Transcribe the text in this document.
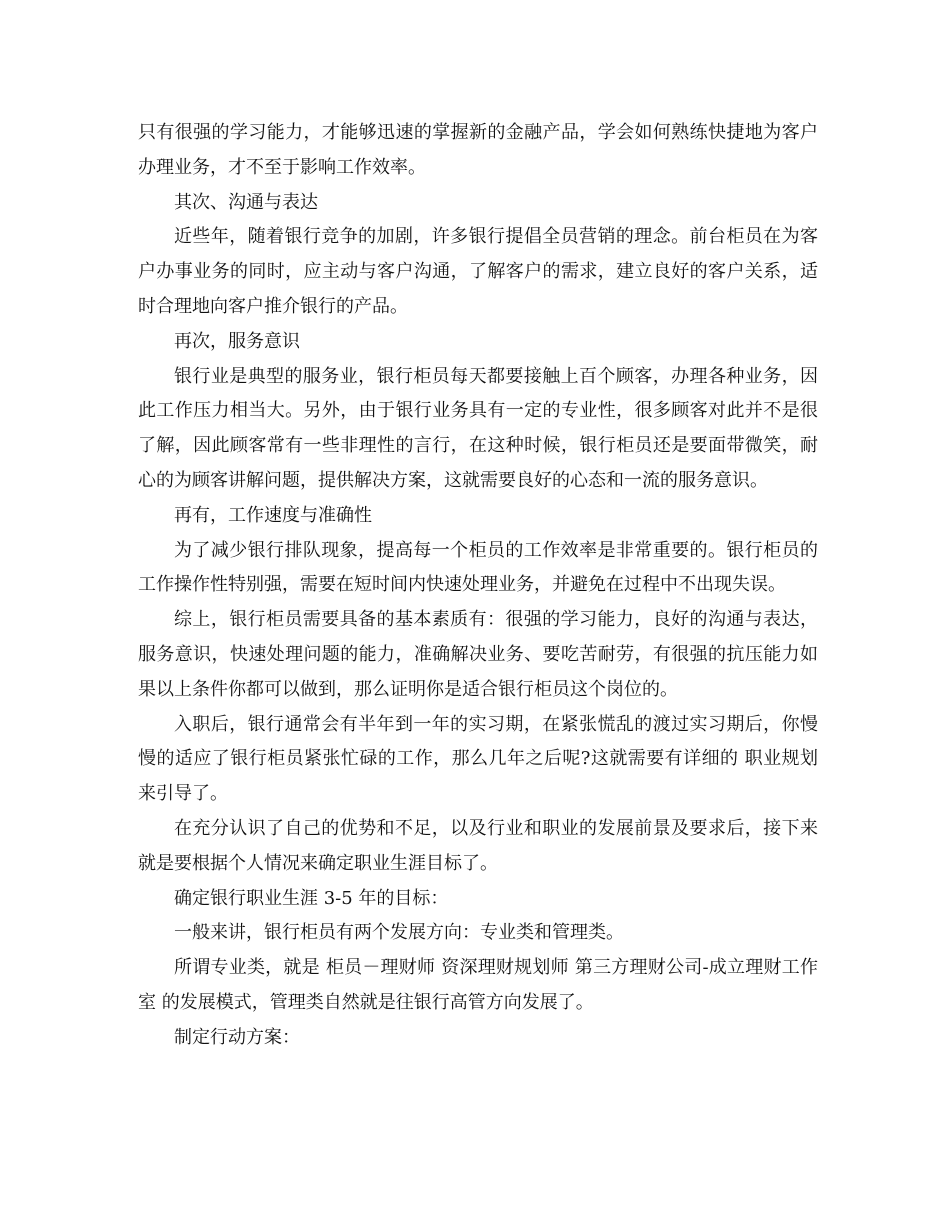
只有很强的学习能力，才能够迅速的掌握新的金融产品，学会如何熟练快捷地为客户办理业务，才不至于影响工作效率。

其次、沟通与表达

近些年，随着银行竞争的加剧，许多银行提倡全员营销的理念。前台柜员在为客户办事业务的同时，应主动与客户沟通，了解客户的需求，建立良好的客户关系，适时合理地向客户推介银行的产品。

再次，服务意识

银行业是典型的服务业，银行柜员每天都要接触上百个顾客，办理各种业务，因此工作压力相当大。另外，由于银行业务具有一定的专业性，很多顾客对此并不是很了解，因此顾客常有一些非理性的言行，在这种时候，银行柜员还是要面带微笑，耐心的为顾客讲解问题，提供解决方案，这就需要良好的心态和一流的服务意识。

再有，工作速度与准确性

为了减少银行排队现象，提高每一个柜员的工作效率是非常重要的。银行柜员的工作操作性特别强，需要在短时间内快速处理业务，并避免在过程中不出现失误。

综上，银行柜员需要具备的基本素质有：很强的学习能力，良好的沟通与表达，服务意识，快速处理问题的能力，准确解决业务、要吃苦耐劳，有很强的抗压能力如果以上条件你都可以做到，那么证明你是适合银行柜员这个岗位的。

入职后，银行通常会有半年到一年的实习期，在紧张慌乱的渡过实习期后，你慢慢的适应了银行柜员紧张忙碌的工作，那么几年之后呢?这就需要有详细的 职业规划 来引导了。

在充分认识了自己的优势和不足，以及行业和职业的发展前景及要求后，接下来就是要根据个人情况来确定职业生涯目标了。

确定银行职业生涯 3-5 年的目标：

一般来讲，银行柜员有两个发展方向：专业类和管理类。

所谓专业类，就是 柜员－理财师 资深理财规划师 第三方理财公司-成立理财工作室 的发展模式，管理类自然就是往银行高管方向发展了。

制定行动方案：
